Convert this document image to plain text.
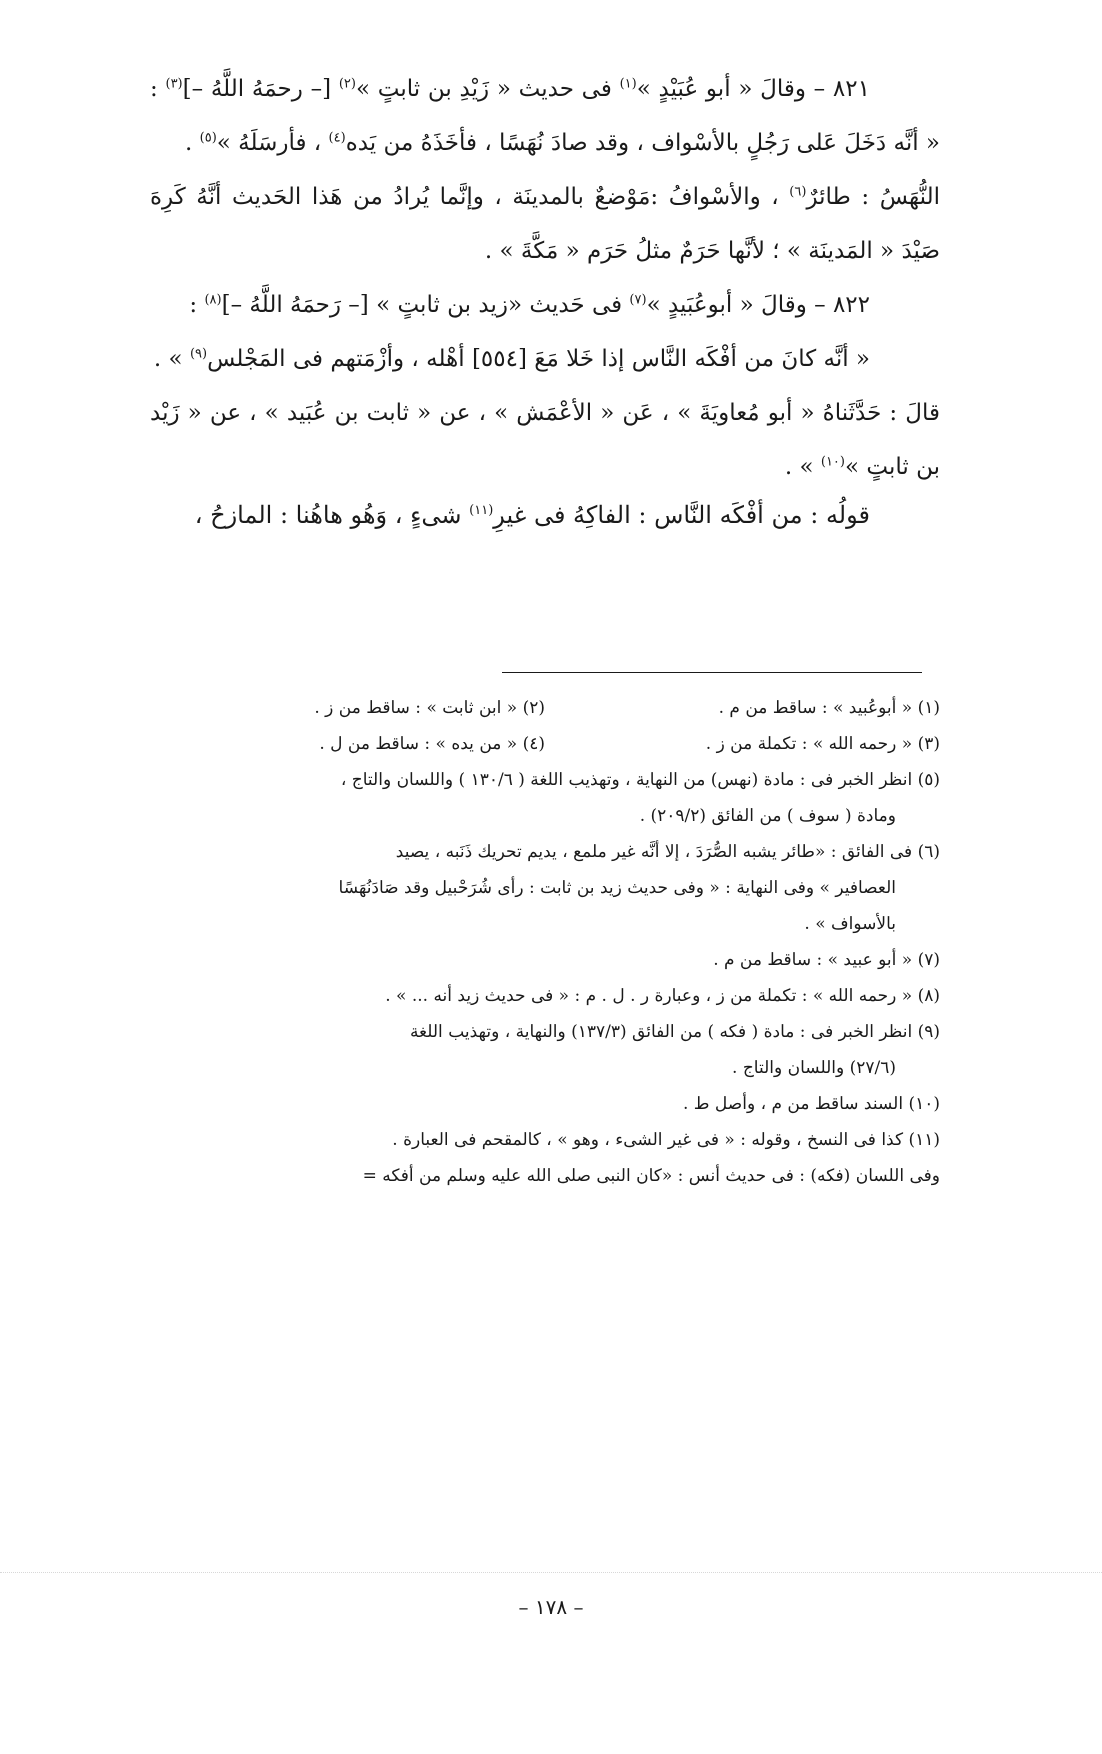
٨٢١ – وقالَ « أبو عُبَيْدٍ »$^{(١)}$ فى حديث « زَيْدِ بن ثابتٍ »$^{(٢)}$ [– رحمَهُ اللَّهُ –]$^{(٣)}$ : « أنَّه دَخَلَ عَلى رَجُلٍ بالأسْواف ، وقد صادَ نُهَسًا ، فأخَذَهُ من يَده$^{(٤)}$ ، فأرسَلَهُ »$^{(٥)}$ .

النُّهَسُ : طائرٌ$^{(٦)}$ ، والأسْوافُ :مَوْضعٌ بالمدينَة ، وإنَّما يُرادُ من هَذا الحَديث أنَّهُ كَرِهَ صَيْدَ « المَدينَة » ؛ لأنَّها حَرَمٌ مثلُ حَرَم « مَكَّةَ » .

٨٢٢ – وقالَ « أبوعُبَيدٍ »$^{(٧)}$ فى حَديث «زيد بن ثابتٍ » [– رَحمَهُ اللَّهُ –]$^{(٨)}$ :

« أنَّه كانَ من أفْكَه النَّاس إذا خَلا مَعَ [٥٥٤] أهْله ، وأزْمَتهم فى المَجْلس$^{(٩)}$ » .

قالَ : حَدَّثَناهُ « أبو مُعاويَةَ » ، عَن « الأعْمَش » ، عن « ثابت بن عُبَيد » ، عن « زَيْد بن ثابتٍ »$^{(١٠)}$ » .

قولُه : من أفْكَه النَّاس : الفاكِهُ فى غيرِ$^{(١١)}$ شىءٍ ، وَهُو هاهُنا : المازحُ ،

(١) « أبوعُبيد » : ساقط من م .
(٢) « ابن ثابت » : ساقط من ز .
(٣) « رحمه الله » : تكملة من ز .
(٤) « من يده » : ساقط من ل .

(٥) انظر الخبر فى : مادة (نهس) من النهاية ، وتهذيب اللغة ( ١٣٠/٦ ) واللسان والتاج ،

ومادة ( سوف ) من الفائق (٢٠٩/٢) .

(٦) فى الفائق : «طائر يشبه الصُّرَدَ ، إلا أنَّه غير ملمع ، يديم تحريك ذَنَبه ، يصيد

العصافير » وفى النهاية : « وفى حديث زيد بن ثابت : رأى شُرَحْبيل وقد صَادَنُهَسًا

بالأسواف » .

(٧) « أبو عبيد » : ساقط من م .

(٨) « رحمه الله » : تكملة من ز ، وعبارة ر . ل . م : « فى حديث زيد أنه ... » .

(٩) انظر الخبر فى : مادة ( فكه ) من الفائق (١٣٧/٣) والنهاية ، وتهذيب اللغة

(٢٧/٦) واللسان والتاج .

(١٠) السند ساقط من م ، وأصل ط .

(١١) كذا فى النسخ ، وقوله : « فى غير الشىء ، وهو » ، كالمقحم فى العبارة .

وفى اللسان (فكه) : فى حديث أنس : «كان النبى صلى الله عليه وسلم من أفكه =

– ١٧٨ –
